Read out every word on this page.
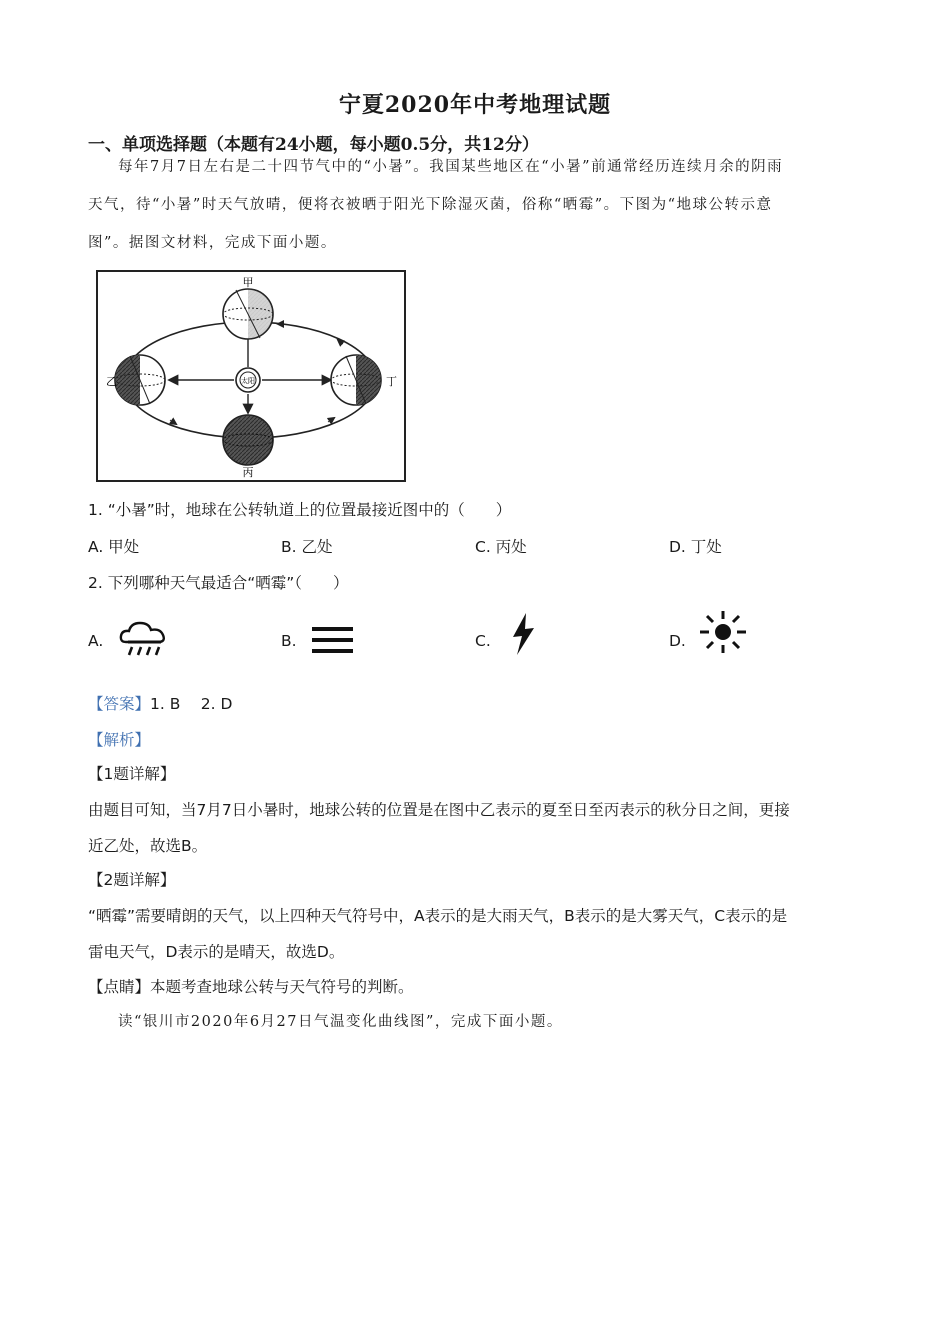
宁夏2020年中考地理试题
一、单项选择题（本题有24小题，每小题0.5分，共12分）
每年7月7日左右是二十四节气中的“小暑”。我国某些地区在“小暑”前通常经历连续月余的阴雨
天气，待“小暑”时天气放晴，便将衣被晒于阳光下除湿灭菌，俗称“晒霉”。下图为“地球公转示意
图”。据图文材料，完成下面小题。
太阳
甲
乙
丙
丁
1. “小暑”时，地球在公转轨道上的位置最接近图中的（　　）
A. 甲处	B. 乙处	C. 丙处	D. 丁处
2. 下列哪种天气最适合“晒霉”（　　）
A.	B.	C.	D.
【答案】1. B　 2. D
【解析】
【1题详解】
由题目可知，当7月7日小暑时，地球公转的位置是在图中乙表示的夏至日至丙表示的秋分日之间，更接
近乙处，故选B。
【2题详解】
“晒霉”需要晴朗的天气，以上四种天气符号中，A表示的是大雨天气，B表示的是大雾天气，C表示的是
雷电天气，D表示的是晴天，故选D。
【点睛】本题考查地球公转与天气符号的判断。
读“银川市2020年6月27日气温变化曲线图”，完成下面小题。
